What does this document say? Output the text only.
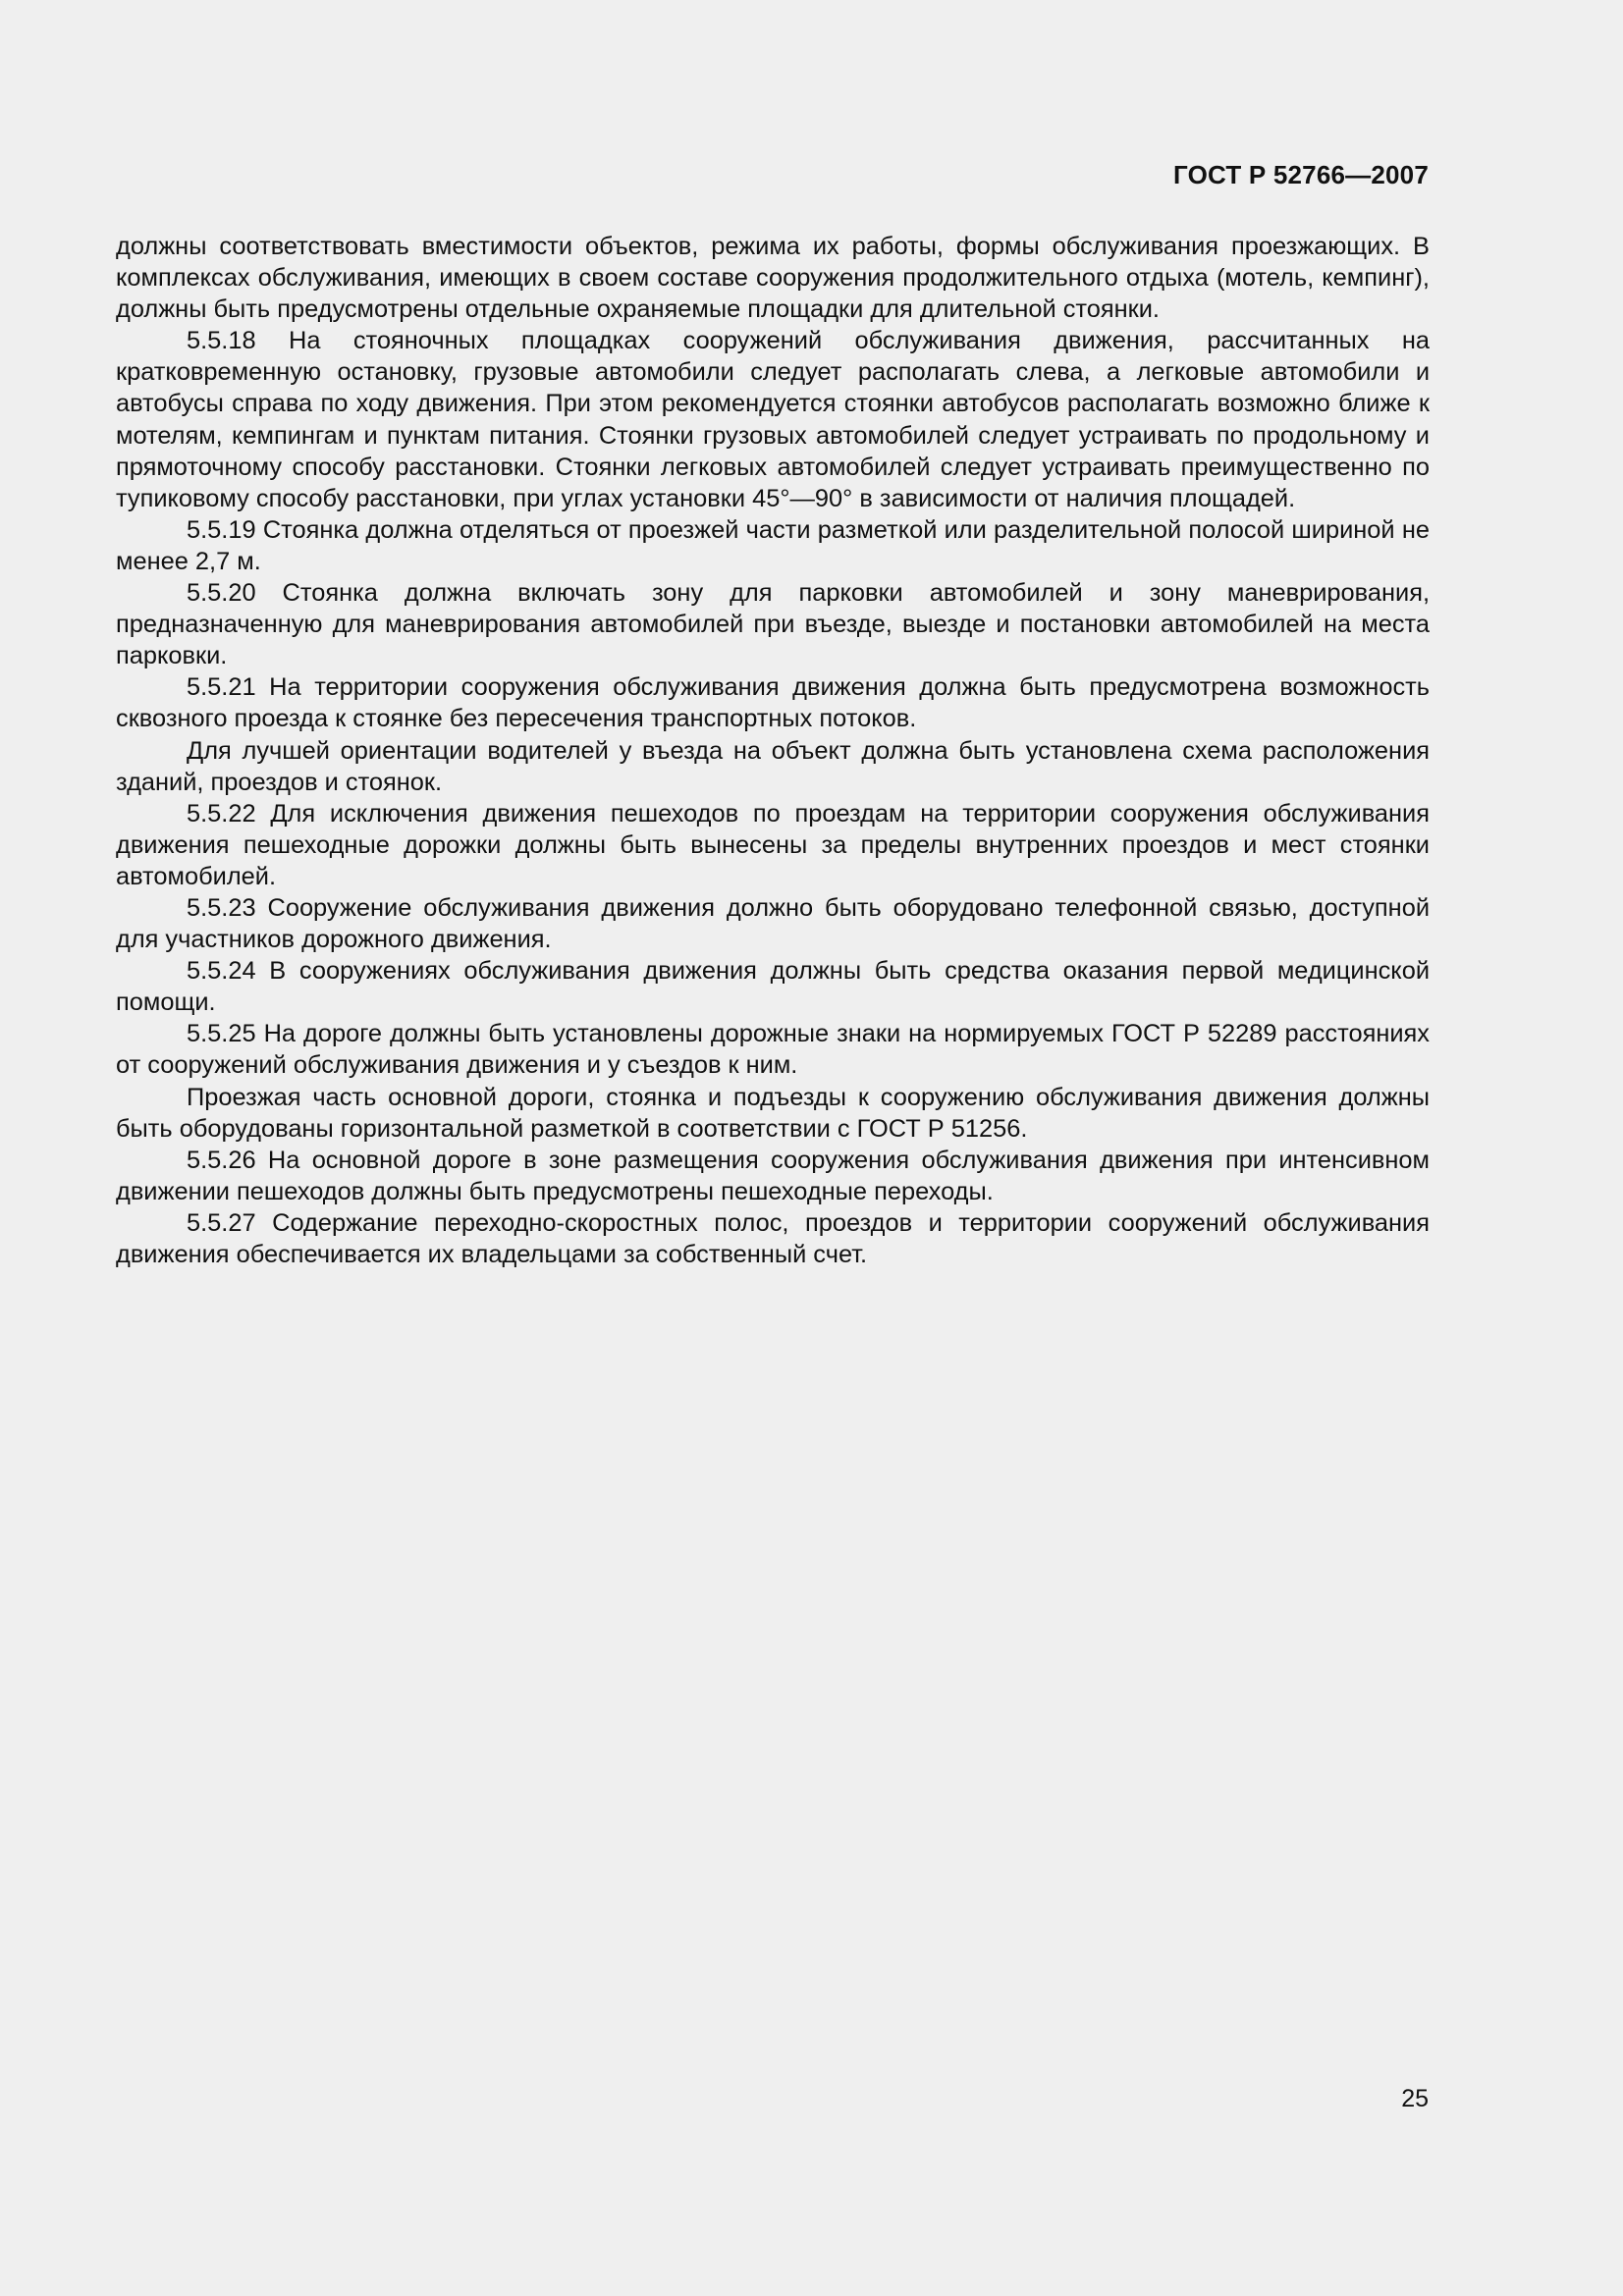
ГОСТ Р 52766—2007

должны соответствовать вместимости объектов, режима их работы, формы обслуживания проезжающих. В комплексах обслуживания, имеющих в своем составе сооружения продолжительного отдыха (мотель, кемпинг), должны быть предусмотрены отдельные охраняемые площадки для длительной стоянки.

5.5.18 На стояночных площадках сооружений обслуживания движения, рассчитанных на кратковременную остановку, грузовые автомобили следует располагать слева, а легковые автомобили и автобусы справа по ходу движения. При этом рекомендуется стоянки автобусов располагать возможно ближе к мотелям, кемпингам и пунктам питания. Стоянки грузовых автомобилей следует устраивать по продольному и прямоточному способу расстановки. Стоянки легковых автомобилей следует устраивать преимущественно по тупиковому способу расстановки, при углах установки 45°—90° в зависимости от наличия площадей.

5.5.19 Стоянка должна отделяться от проезжей части разметкой или разделительной полосой шириной не менее 2,7 м.

5.5.20 Стоянка должна включать зону для парковки автомобилей и зону маневрирования, предназначенную для маневрирования автомобилей при въезде, выезде и постановки автомобилей на места парковки.

5.5.21 На территории сооружения обслуживания движения должна быть предусмотрена возможность сквозного проезда к стоянке без пересечения транспортных потоков.

Для лучшей ориентации водителей у въезда на объект должна быть установлена схема расположения зданий, проездов и стоянок.

5.5.22 Для исключения движения пешеходов по проездам на территории сооружения обслуживания движения пешеходные дорожки должны быть вынесены за пределы внутренних проездов и мест стоянки автомобилей.

5.5.23 Сооружение обслуживания движения должно быть оборудовано телефонной связью, доступной для участников дорожного движения.

5.5.24 В сооружениях обслуживания движения должны быть средства оказания первой медицинской помощи.

5.5.25 На дороге должны быть установлены дорожные знаки на нормируемых ГОСТ Р 52289 расстояниях от сооружений обслуживания движения и у съездов к ним.

Проезжая часть основной дороги, стоянка и подъезды к сооружению обслуживания движения должны быть оборудованы горизонтальной разметкой в соответствии с ГОСТ Р 51256.

5.5.26 На основной дороге в зоне размещения сооружения обслуживания движения при интенсивном движении пешеходов должны быть предусмотрены пешеходные переходы.

5.5.27 Содержание переходно-скоростных полос, проездов и территории сооружений обслуживания движения обеспечивается их владельцами за собственный счет.

25
